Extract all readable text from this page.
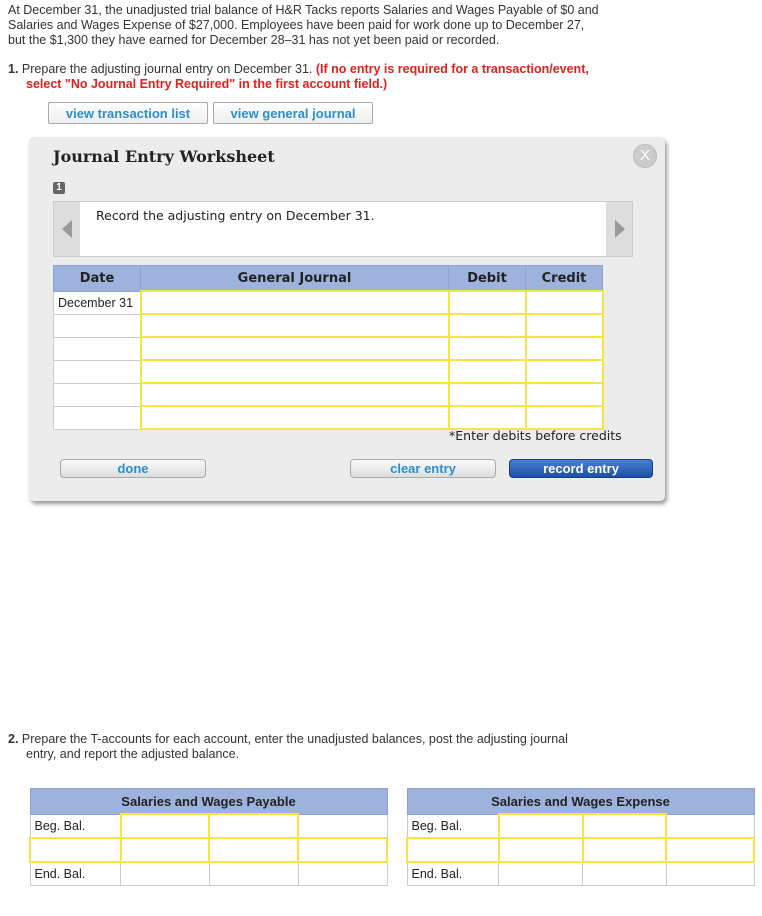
At December 31, the unadjusted trial balance of H&R Tacks reports Salaries and Wages Payable of $0 and
Salaries and Wages Expense of $27,000. Employees have been paid for work done up to December 27,
but the $1,300 they have earned for December 28–31 has not yet been paid or recorded.
1. Prepare the adjusting journal entry on December 31. (If no entry is required for a transaction/event,
select "No Journal Entry Required" in the first account field.)
view transaction list	view general journal
Journal Entry Worksheet	X
1
Record the adjusting entry on December 31.
Date	General Journal	Debit	Credit
December 31			

*Enter debits before credits
done	clear entry	record entry
2. Prepare the T-accounts for each account, enter the unadjusted balances, post the adjusting journal
entry, and report the adjusted balance.
Salaries and Wages Payable			
Beg. Bal.			

End. Bal.			
Salaries and Wages Expense			
Beg. Bal.			

End. Bal.			
